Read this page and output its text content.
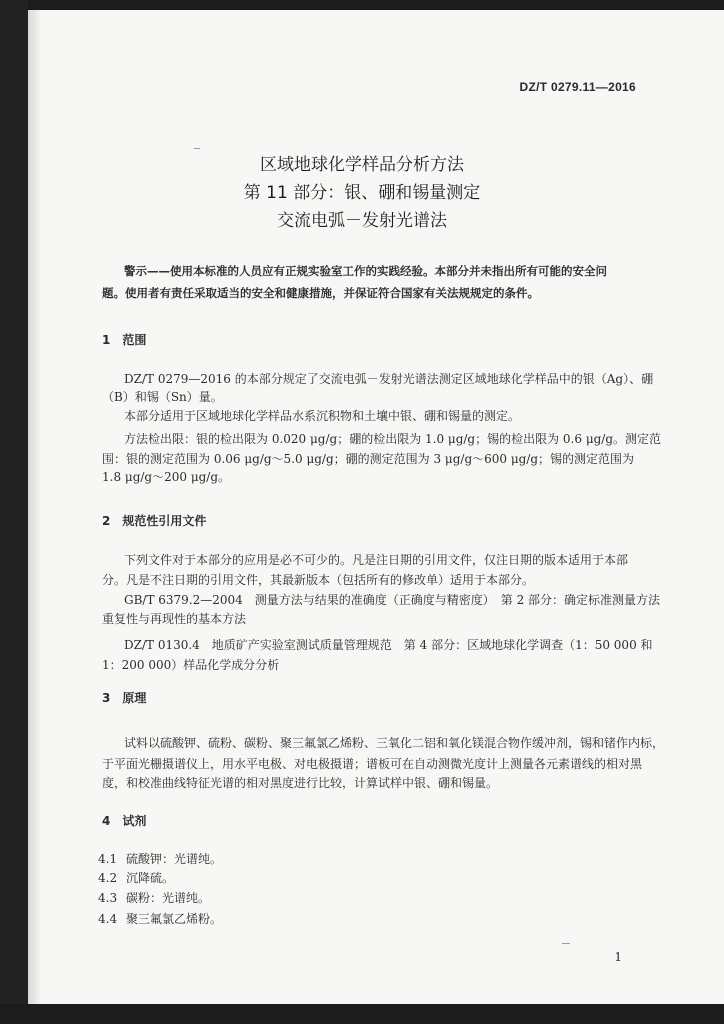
DZ/T 0279.11—2016
区域地球化学样品分析方法
第 11 部分：银、硼和锡量测定
交流电弧－发射光谱法
警示——使用本标准的人员应有正规实验室工作的实践经验。本部分并未指出所有可能的安全问
题。使用者有责任采取适当的安全和健康措施，并保证符合国家有关法规规定的条件。
1　范围
DZ/T 0279—2016 的本部分规定了交流电弧－发射光谱法测定区域地球化学样品中的银（Ag）、硼
（B）和锡（Sn）量。
本部分适用于区域地球化学样品水系沉积物和土壤中银、硼和锡量的测定。
方法检出限：银的检出限为 0.020 μg/g；硼的检出限为 1.0 μg/g；锡的检出限为 0.6 μg/g。测定范
围：银的测定范围为 0.06 μg/g～5.0 μg/g；硼的测定范围为 3 μg/g～600 μg/g；锡的测定范围为
1.8 μg/g～200 μg/g。
2　规范性引用文件
下列文件对于本部分的应用是必不可少的。凡是注日期的引用文件，仅注日期的版本适用于本部
分。凡是不注日期的引用文件，其最新版本（包括所有的修改单）适用于本部分。
GB/T 6379.2—2004　测量方法与结果的准确度（正确度与精密度）　第 2 部分：确定标准测量方法
重复性与再现性的基本方法
DZ/T 0130.4　地质矿产实验室测试质量管理规范　第 4 部分：区域地球化学调查（1：50 000 和
1：200 000）样品化学成分分析
3　原理
试料以硫酸钾、硫粉、碳粉、聚三氟氯乙烯粉、三氧化二铝和氧化镁混合物作缓冲剂，锡和锗作内标，
于平面光栅摄谱仪上，用水平电极、对电极摄谱；谱板可在自动测微光度计上测量各元素谱线的相对黑
度，和校准曲线特征光谱的相对黑度进行比较，计算试样中银、硼和锡量。
4　试剂
4.1 硫酸钾：光谱纯。
4.2 沉降硫。
4.3 碳粉：光谱纯。
4.4 聚三氟氯乙烯粉。
1
